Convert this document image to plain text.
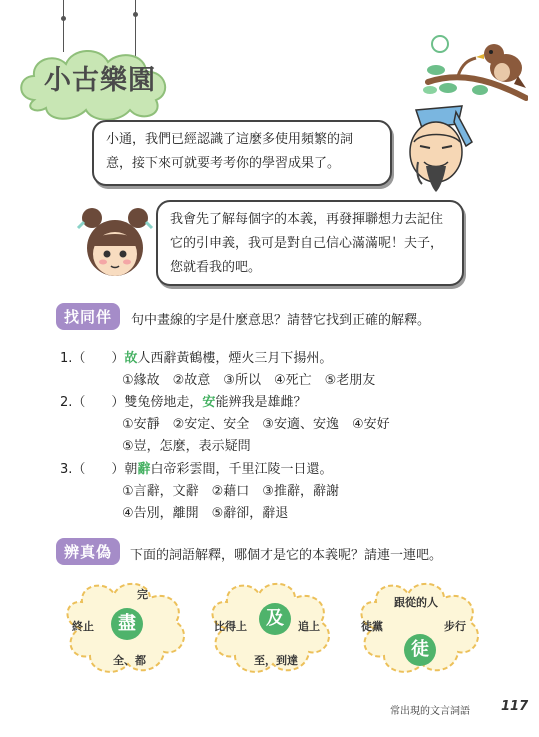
小古樂園
小通，我們已經認識了這麼多使用頻繁的詞意，接下來可就要考考你的學習成果了。
我會先了解每個字的本義，再發揮聯想力去記住它的引申義，我可是對自己信心滿滿呢！夫子，您就看我的吧。
找同伴	句中畫線的字是什麼意思？請替它找到正確的解釋。
1.（　　）故人西辭黃鶴樓，煙火三月下揚州。
①緣故　②故意　③所以　④死亡　⑤老朋友
2.（　　）雙兔傍地走，安能辨我是雄雌？
①安靜　②安定、安全　③安適、安逸　④安好
⑤豈，怎麼，表示疑問
3.（　　）朝辭白帝彩雲間，千里江陵一日還。
①言辭，文辭　②藉口　③推辭，辭謝
④告別，離開　⑤辭卻，辭退
辨真偽	下面的詞語解釋，哪個才是它的本義呢？請連一連吧。
完
終止	盡
全、都
比得上	及	追上
至，到達
跟從的人
徒黨	步行
徒
常出現的文言詞語 117
